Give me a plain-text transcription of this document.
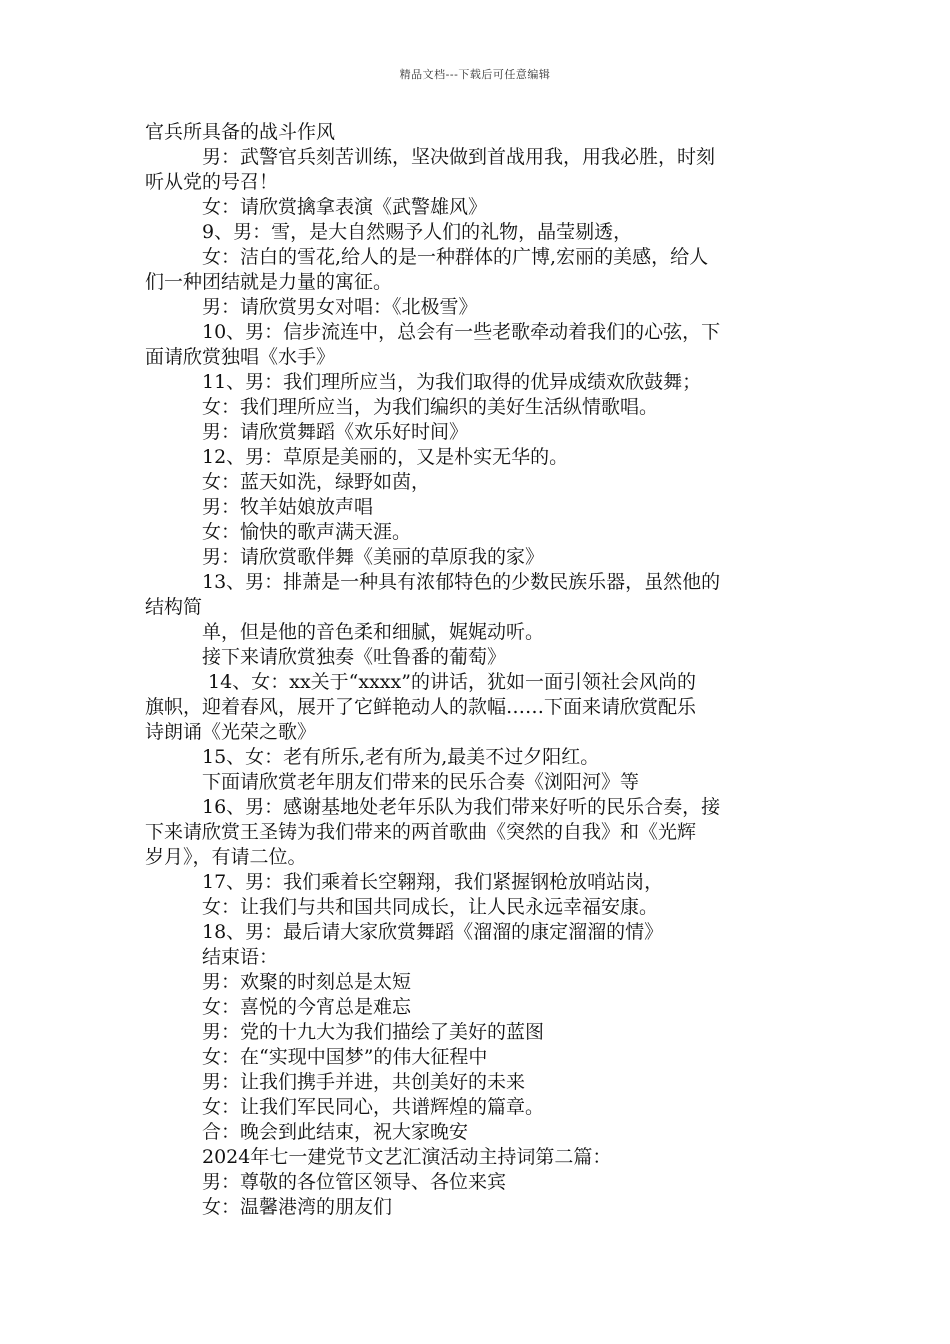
精品文档---下载后可任意编辑
官兵所具备的战斗作风
男：武警官兵刻苦训练，坚决做到首战用我，用我必胜，时刻
听从党的号召！
女：请欣赏擒拿表演《武警雄风》
9、男：雪，是大自然赐予人们的礼物，晶莹剔透，
女：洁白的雪花,给人的是一种群体的广博,宏丽的美感，给人
们一种团结就是力量的寓征。
男：请欣赏男女对唱：《北极雪》
10、男：信步流连中，总会有一些老歌牵动着我们的心弦，下
面请欣赏独唱《水手》
11、男：我们理所应当，为我们取得的优异成绩欢欣鼓舞；
女：我们理所应当，为我们编织的美好生活纵情歌唱。
男：请欣赏舞蹈《欢乐好时间》
12、男：草原是美丽的，又是朴实无华的。
女：蓝天如洗，绿野如茵，
男：牧羊姑娘放声唱
女：愉快的歌声满天涯。
男：请欣赏歌伴舞《美丽的草原我的家》
13、男：排萧是一种具有浓郁特色的少数民族乐器，虽然他的
结构简
单，但是他的音色柔和细腻，娓娓动听。
接下来请欣赏独奏《吐鲁番的葡萄》
14、女：xx关于“xxxx”的讲话，犹如一面引领社会风尚的
旗帜，迎着春风，展开了它鲜艳动人的款幅……下面来请欣赏配乐
诗朗诵《光荣之歌》
15、女：老有所乐,老有所为,最美不过夕阳红。
下面请欣赏老年朋友们带来的民乐合奏《浏阳河》等
16、男：感谢基地处老年乐队为我们带来好听的民乐合奏，接
下来请欣赏王圣铸为我们带来的两首歌曲《突然的自我》和《光辉
岁月》，有请二位。
17、男：我们乘着长空翱翔，我们紧握钢枪放哨站岗，
女：让我们与共和国共同成长，让人民永远幸福安康。
18、男：最后请大家欣赏舞蹈《溜溜的康定溜溜的情》
结束语：
男：欢聚的时刻总是太短
女：喜悦的今宵总是难忘
男：党的十九大为我们描绘了美好的蓝图
女：在“实现中国梦”的伟大征程中
男：让我们携手并进，共创美好的未来
女：让我们军民同心，共谱辉煌的篇章。
合：晚会到此结束，祝大家晚安
2024年七一建党节文艺汇演活动主持词第二篇：
男：尊敬的各位管区领导、各位来宾
女：温馨港湾的朋友们
